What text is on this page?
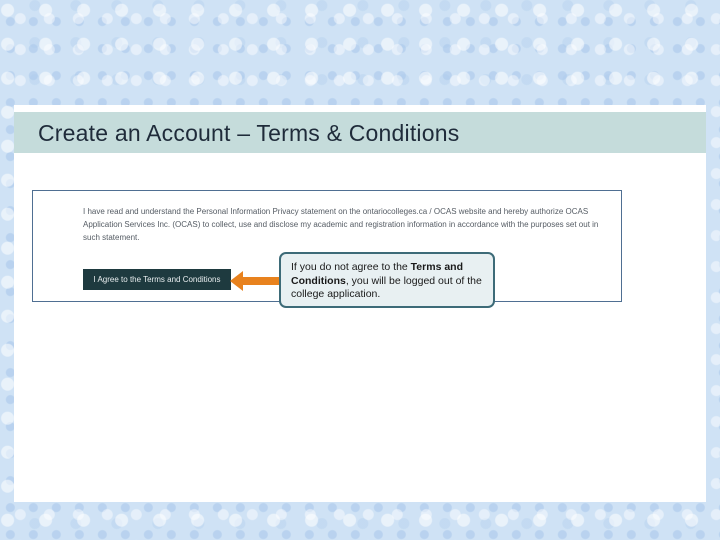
Create an Account – Terms & Conditions

I have read and understand the Personal Information Privacy statement on the ontariocolleges.ca / OCAS website and hereby authorize OCAS Application Services Inc. (OCAS) to collect, use and disclose my academic and registration information in accordance with the purposes set out in such statement.

I Agree to the Terms and Conditions
If you do not agree to the Terms and Conditions, you will be logged out of the college application.
